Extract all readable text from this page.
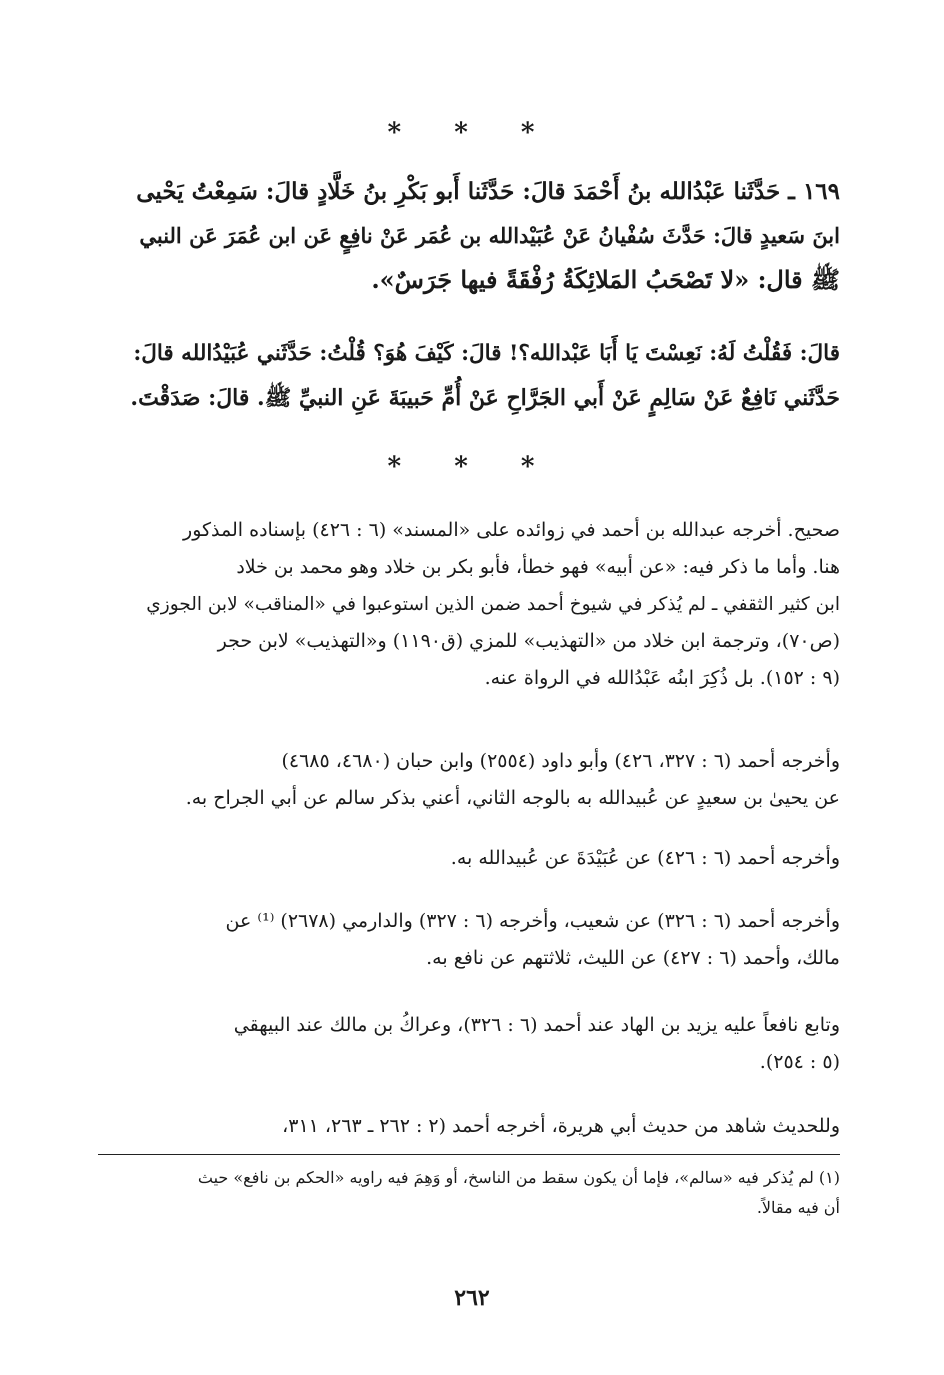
* * *
١٦٩ ـ حَدَّثَنا عَبْدُالله بنُ أَحْمَدَ قالَ: حَدَّثَنا أَبو بَكْرِ بنُ خَلَّادٍ قالَ: سَمِعْتُ يَحْيى
ابنَ سَعيدٍ قالَ: حَدَّثَ سُفْيانُ عَنْ عُبَيْدالله بن عُمَر عَنْ نافِعٍ عَن ابن عُمَرَ عَن النبي
ﷺ قال: «لا تَصْحَبُ المَلائِكَةُ رُفْقَةً فيها جَرَسٌ».
قالَ: فَقُلْتُ لَهُ: نَعِسْتَ يَا أَبَا عَبْدالله؟! قالَ: كَيْفَ هُوَ؟ قُلْتُ: حَدَّثَني عُبَيْدُالله قالَ:
حَدَّثَني نَافِعٌ عَنْ سَالِمٍ عَنْ أَبي الجَرَّاحِ عَنْ أُمِّ حَبيبَةَ عَنِ النبيِّ ﷺ. قالَ: صَدَقْتَ.
* * *
صحيح. أخرجه عبدالله بن أحمد في زوائده على «المسند» (٦ : ٤٢٦) بإسناده المذكور
هنا. وأما ما ذكر فيه: «عن أبيه» فهو خطأ، فأبو بكر بن خلاد وهو محمد بن خلاد
ابن كثير الثقفي ـ لم يُذكر في شيوخ أحمد ضمن الذين استوعبوا في «المناقب» لابن الجوزي
(ص٧٠)، وترجمة ابن خلاد من «التهذيب» للمزي (ق١١٩٠) و«التهذيب» لابن حجر
(٩ : ١٥٢). بل ذُكِرَ ابنُه عَبْدُالله في الرواة عنه.
وأخرجه أحمد (٦ : ٣٢٧، ٤٢٦) وأبو داود (٢٥٥٤) وابن حبان (٤٦٨٠، ٤٦٨٥)
عن يحيىٰ بن سعيدٍ عن عُبيدالله به بالوجه الثاني، أعني بذكر سالم عن أبي الجراح به.
وأخرجه أحمد (٦ : ٤٢٦) عن عُبَيْدَةَ عن عُبيدالله به.
وأخرجه أحمد (٦ : ٣٢٦) عن شعيب، وأخرجه (٦ : ٣٢٧) والدارمي (٢٦٧٨) ⁽¹⁾ عن
مالك، وأحمد (٦ : ٤٢٧) عن الليث، ثلاثتهم عن نافع به.
وتابع نافعاً عليه يزيد بن الهاد عند أحمد (٦ : ٣٢٦)، وعراكُ بن مالك عند البيهقي
(٥ : ٢٥٤).
وللحديث شاهد من حديث أبي هريرة، أخرجه أحمد (٢ : ٢٦٢ ـ ٢٦٣، ٣١١،
(١) لم يُذكر فيه «سالم»، فإما أن يكون سقط من الناسخ، أو وَهِمَ فيه راويه «الحكم بن نافع» حيث
أن فيه مقالاً.
٢٦٢
